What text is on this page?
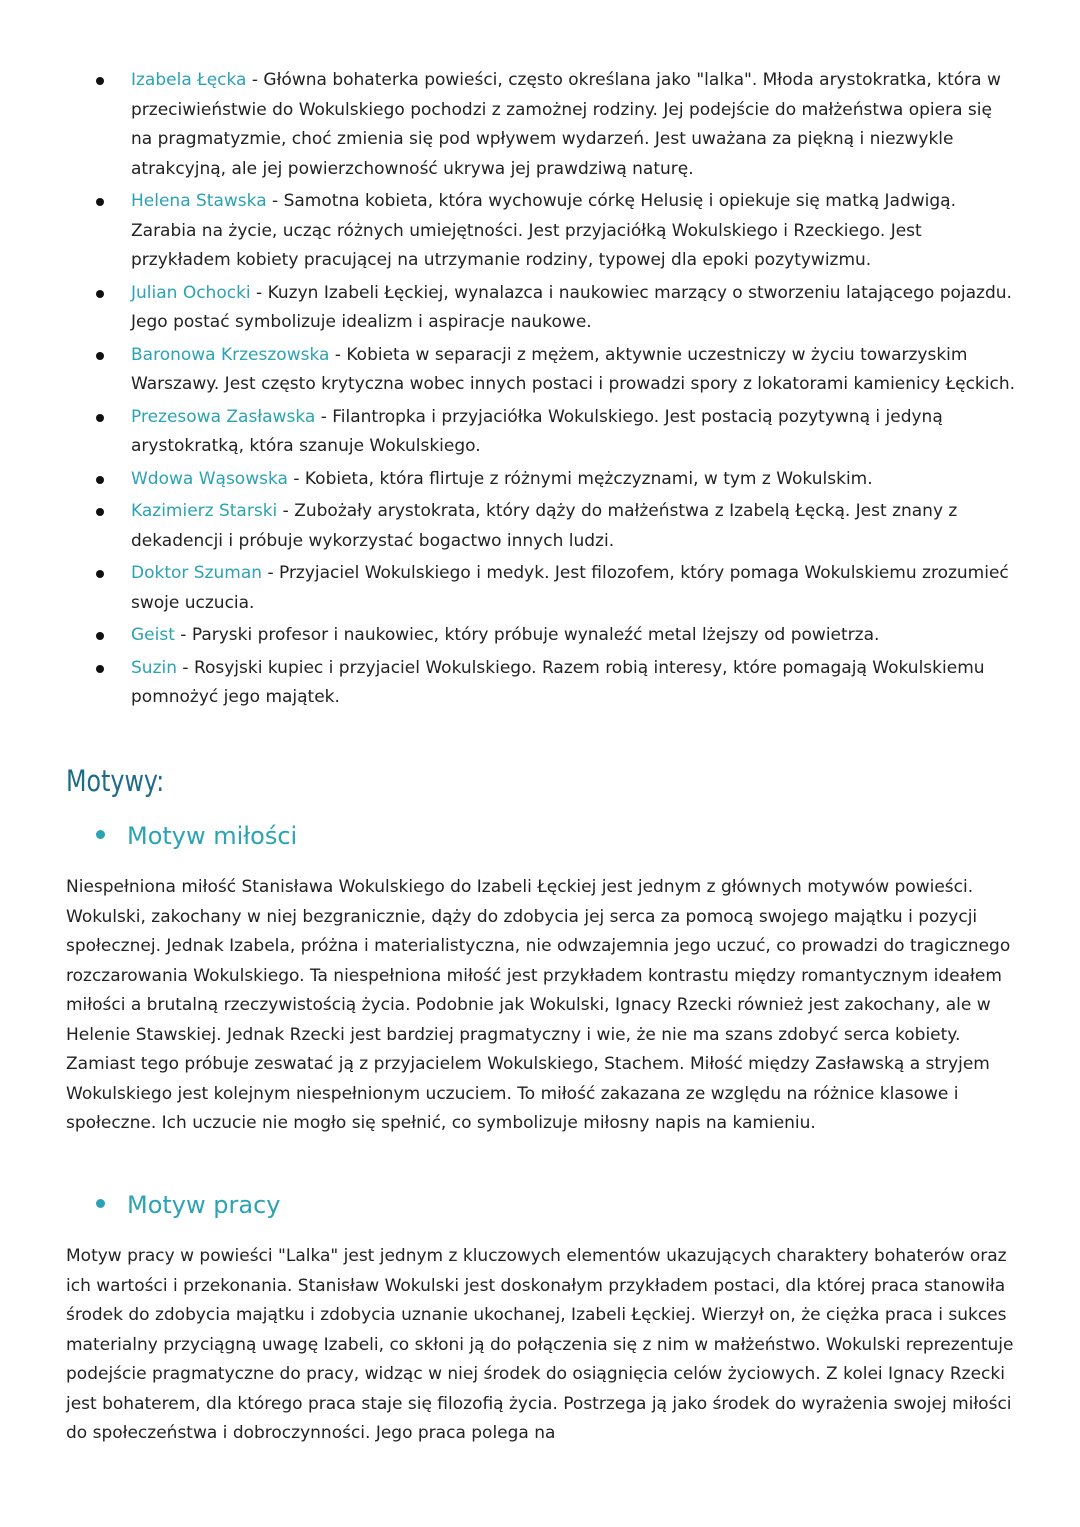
Izabela Łęcka - Główna bohaterka powieści, często określana jako "lalka". Młoda arystokratka, która w przeciwieństwie do Wokulskiego pochodzi z zamożnej rodziny. Jej podejście do małżeństwa opiera się na pragmatyzmie, choć zmienia się pod wpływem wydarzeń. Jest uważana za piękną i niezwykle atrakcyjną, ale jej powierzchowność ukrywa jej prawdziwą naturę.
Helena Stawska - Samotna kobieta, która wychowuje córkę Helusię i opiekuje się matką Jadwigą. Zarabia na życie, ucząc różnych umiejętności. Jest przyjaciółką Wokulskiego i Rzeckiego. Jest przykładem kobiety pracującej na utrzymanie rodziny, typowej dla epoki pozytywizmu.
Julian Ochocki - Kuzyn Izabeli Łęckiej, wynalazca i naukowiec marzący o stworzeniu latającego pojazdu. Jego postać symbolizuje idealizm i aspiracje naukowe.
Baronowa Krzeszowska - Kobieta w separacji z mężem, aktywnie uczestniczy w życiu towarzyskim Warszawy. Jest często krytyczna wobec innych postaci i prowadzi spory z lokatorami kamienicy Łęckich.
Prezesowa Zasławska - Filantropka i przyjaciółka Wokulskiego. Jest postacią pozytywną i jedyną arystokratką, która szanuje Wokulskiego.
Wdowa Wąsowska - Kobieta, która flirtuje z różnymi mężczyznami, w tym z Wokulskim.
Kazimierz Starski - Zubożały arystokrata, który dąży do małżeństwa z Izabelą Łęcką. Jest znany z dekadencji i próbuje wykorzystać bogactwo innych ludzi.
Doktor Szuman - Przyjaciel Wokulskiego i medyk. Jest filozofem, który pomaga Wokulskiemu zrozumieć swoje uczucia.
Geist - Paryski profesor i naukowiec, który próbuje wynaleźć metal lżejszy od powietrza.
Suzin - Rosyjski kupiec i przyjaciel Wokulskiego. Razem robią interesy, które pomagają Wokulskiemu pomnożyć jego majątek.
Motywy:
Motyw miłości

Niespełniona miłość Stanisława Wokulskiego do Izabeli Łęckiej jest jednym z głównych motywów powieści. Wokulski, zakochany w niej bezgranicznie, dąży do zdobycia jej serca za pomocą swojego majątku i pozycji społecznej. Jednak Izabela, próżna i materialistyczna, nie odwzajemnia jego uczuć, co prowadzi do tragicznego rozczarowania Wokulskiego. Ta niespełniona miłość jest przykładem kontrastu między romantycznym ideałem miłości a brutalną rzeczywistością życia. Podobnie jak Wokulski, Ignacy Rzecki również jest zakochany, ale w Helenie Stawskiej. Jednak Rzecki jest bardziej pragmatyczny i wie, że nie ma szans zdobyć serca kobiety. Zamiast tego próbuje zeswatać ją z przyjacielem Wokulskiego, Stachem. Miłość między Zasławską a stryjem Wokulskiego jest kolejnym niespełnionym uczuciem. To miłość zakazana ze względu na różnice klasowe i społeczne. Ich uczucie nie mogło się spełnić, co symbolizuje miłosny napis na kamieniu.

Motyw pracy

Motyw pracy w powieści "Lalka" jest jednym z kluczowych elementów ukazujących charaktery bohaterów oraz ich wartości i przekonania. Stanisław Wokulski jest doskonałym przykładem postaci, dla której praca stanowiła środek do zdobycia majątku i zdobycia uznanie ukochanej, Izabeli Łęckiej. Wierzył on, że ciężka praca i sukces materialny przyciągną uwagę Izabeli, co skłoni ją do połączenia się z nim w małżeństwo. Wokulski reprezentuje podejście pragmatyczne do pracy, widząc w niej środek do osiągnięcia celów życiowych. Z kolei Ignacy Rzecki jest bohaterem, dla którego praca staje się filozofią życia. Postrzega ją jako środek do wyrażenia swojej miłości do społeczeństwa i dobroczynności. Jego praca polega na
